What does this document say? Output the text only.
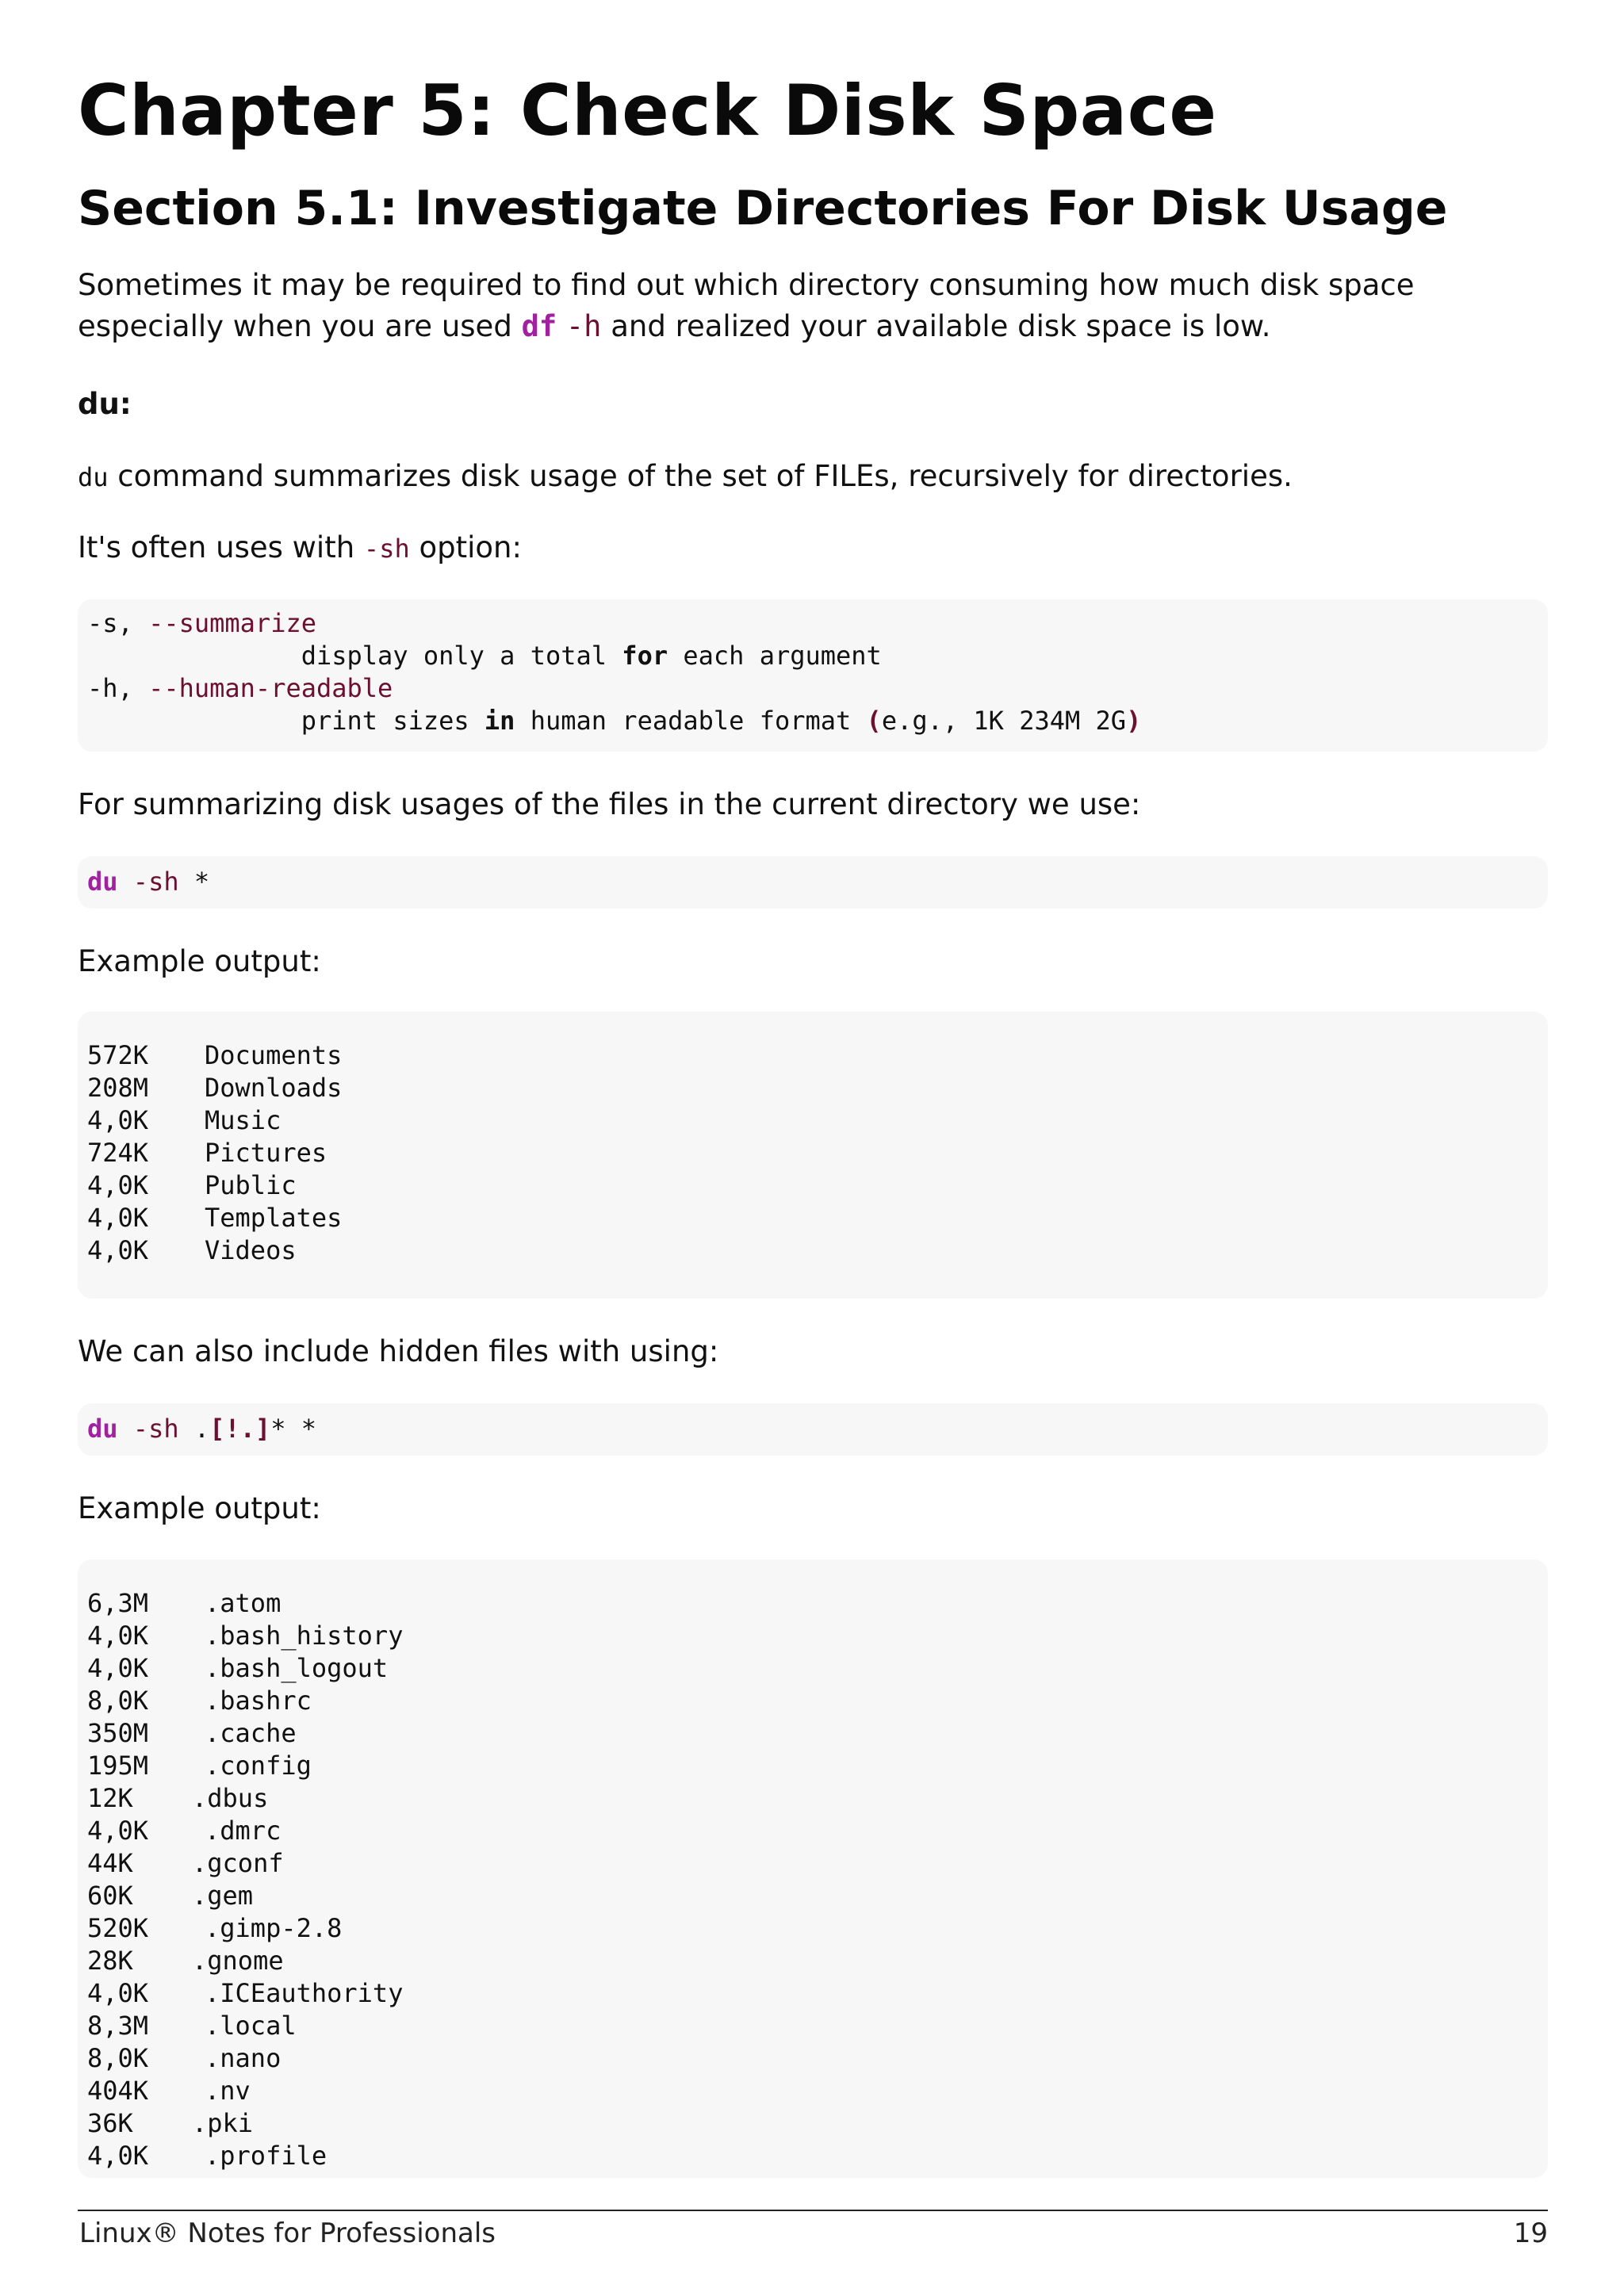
Chapter 5: Check Disk Space
Section 5.1: Investigate Directories For Disk Usage

Sometimes it may be required to find out which directory consuming how much disk space especially when you are used df -h and realized your available disk space is low.

du:

du command summarizes disk usage of the set of FILEs, recursively for directories.

It's often uses with -sh option:

-s, --summarize
display only a total for each argument
-h, --human-readable
print sizes in human readable format (e.g., 1K 234M 2G)

For summarizing disk usages of the files in the current directory we use:

du -sh *

Example output:

572K	Documents
208M	Downloads
4,0K	Music
724K	Pictures
4,0K	Public
4,0K	Templates
4,0K	Videos

We can also include hidden files with using:

du -sh .[!.]* *

Example output:

6,3M	.atom
4,0K	.bash_history
4,0K	.bash_logout
8,0K	.bashrc
350M	.cache
195M	.config
12K	.dbus
4,0K	.dmrc
44K	.gconf
60K	.gem
520K	.gimp-2.8
28K	.gnome
4,0K	.ICEauthority
8,3M	.local
8,0K	.nano
404K	.nv
36K	.pki
4,0K	.profile
Linux® Notes for Professionals	19
